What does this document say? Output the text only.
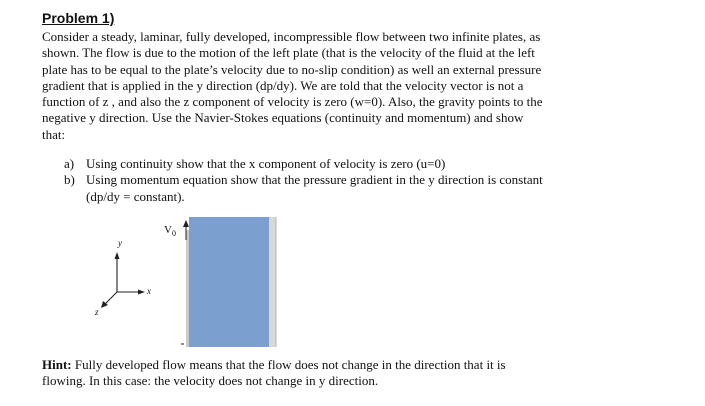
Problem 1)
Consider a steady, laminar, fully developed, incompressible flow between two infinite plates, as
shown. The flow is due to the motion of the left plate (that is the velocity of the fluid at the left
plate has to be equal to the plate’s velocity due to no-slip condition) as well an external pressure
gradient that is applied in the y direction (dp/dy). We are told that the velocity vector is not a
function of z , and also the z component of velocity is zero (w=0). Also, the gravity points to the
negative y direction. Use the Navier-Stokes equations (continuity and momentum) and show
that:
a) Using continuity show that the x component of velocity is zero (u=0)
b) Using momentum equation show that the pressure gradient in the y direction is constant
(dp/dy = constant).
$V_0$
y
x
z
Hint: Fully developed flow means that the flow does not change in the direction that it is
flowing. In this case: the velocity does not change in y direction.
